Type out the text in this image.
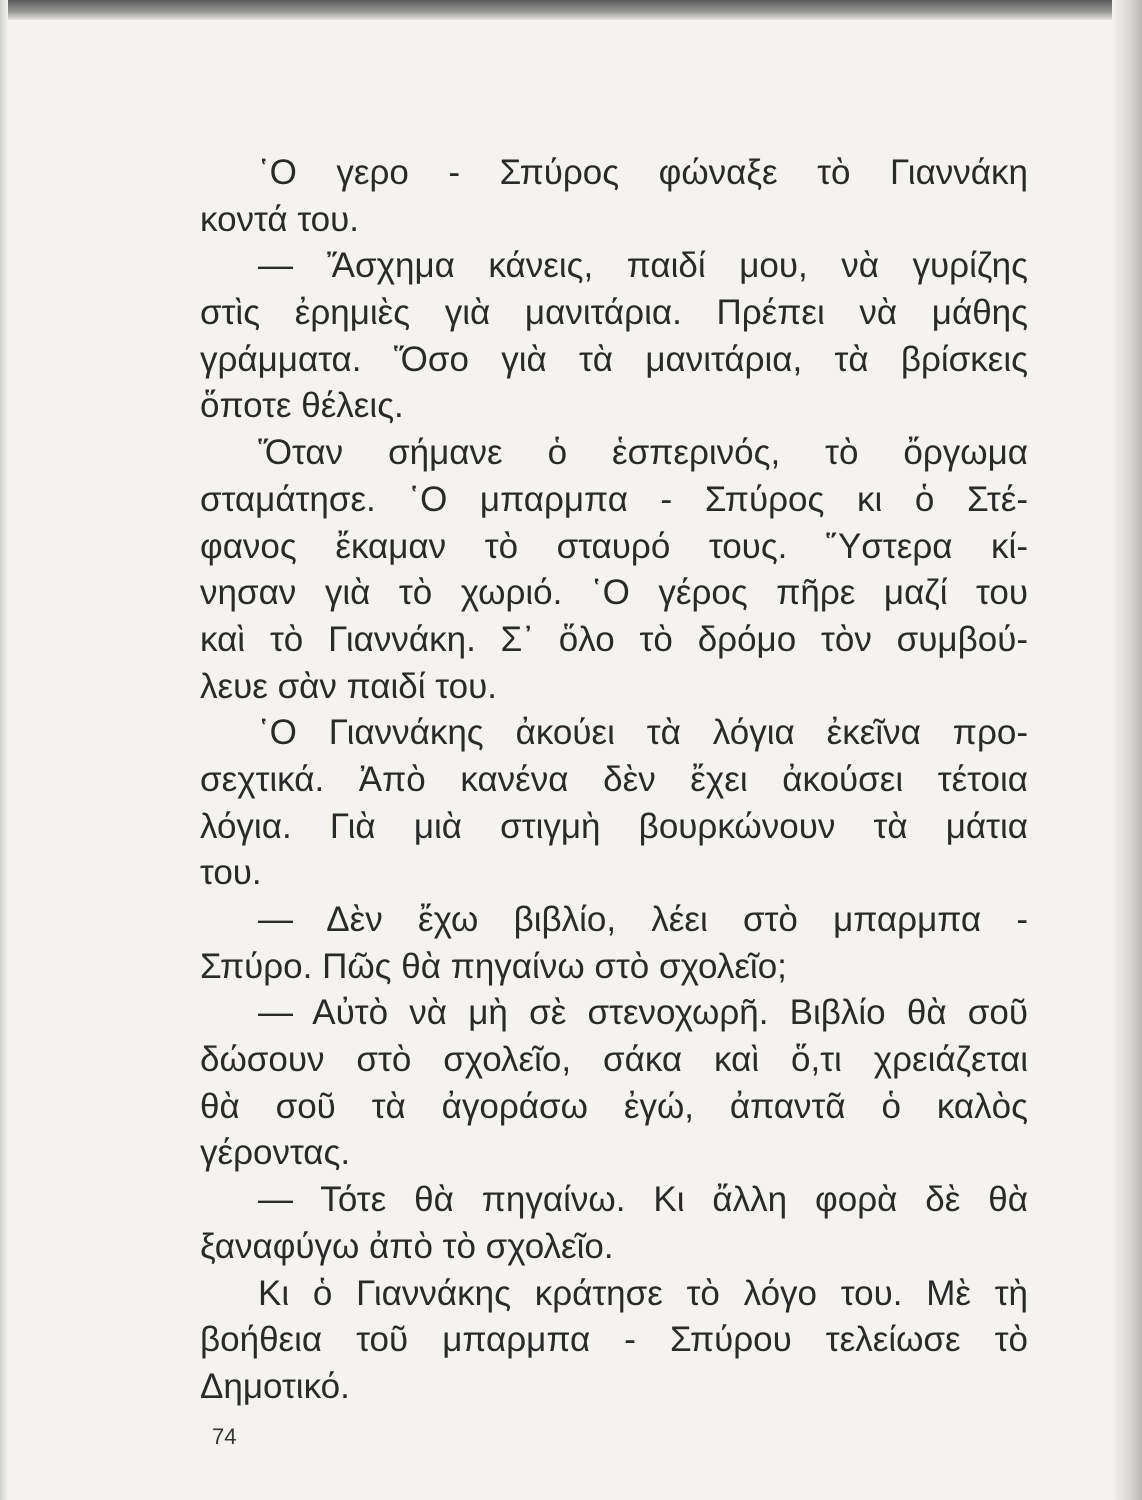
῾Ο γερο - Σπύρος φώναξε τὸ Γιαννάκη
κοντά του.
— Ἄσχημα κάνεις, παιδί μου, νὰ γυρίζης
στὶς ἐρημιὲς γιὰ μανιτάρια. Πρέπει νὰ μάθης
γράμματα. Ὅσο γιὰ τὰ μανιτάρια, τὰ βρίσκεις
ὅποτε θέλεις.
Ὅταν σήμανε ὁ ἑσπερινός, τὸ ὄργωμα
σταμάτησε. ῾Ο μπαρμπα - Σπύρος κι ὁ Στέ-
φανος ἔκαμαν τὸ σταυρό τους. Ὕστερα κί-
νησαν γιὰ τὸ χωριό. ῾Ο γέρος πῆρε μαζί του
καὶ τὸ Γιαννάκη. Σ᾽ ὅλο τὸ δρόμο τὸν συμβού-
λευε σὰν παιδί του.
῾Ο Γιαννάκης ἀκούει τὰ λόγια ἐκεῖνα προ-
σεχτικά. Ἀπὸ κανένα δὲν ἔχει ἀκούσει τέτοια
λόγια. Γιὰ μιὰ στιγμὴ βουρκώνουν τὰ μάτια
του.
— Δὲν ἔχω βιβλίο, λέει στὸ μπαρμπα -
Σπύρο. Πῶς θὰ πηγαίνω στὸ σχολεῖο;
— Αὐτὸ νὰ μὴ σὲ στενοχωρῆ. Βιβλίο θὰ σοῦ
δώσουν στὸ σχολεῖο, σάκα καὶ ὅ,τι χρειάζεται
θὰ σοῦ τὰ ἀγοράσω ἐγώ, ἀπαντᾶ ὁ καλὸς
γέροντας.
— Τότε θὰ πηγαίνω. Κι ἄλλη φορὰ δὲ θὰ
ξαναφύγω ἀπὸ τὸ σχολεῖο.
Κι ὁ Γιαννάκης κράτησε τὸ λόγο του. Μὲ τὴ
βοήθεια τοῦ μπαρμπα - Σπύρου τελείωσε τὸ
Δημοτικό.
74
